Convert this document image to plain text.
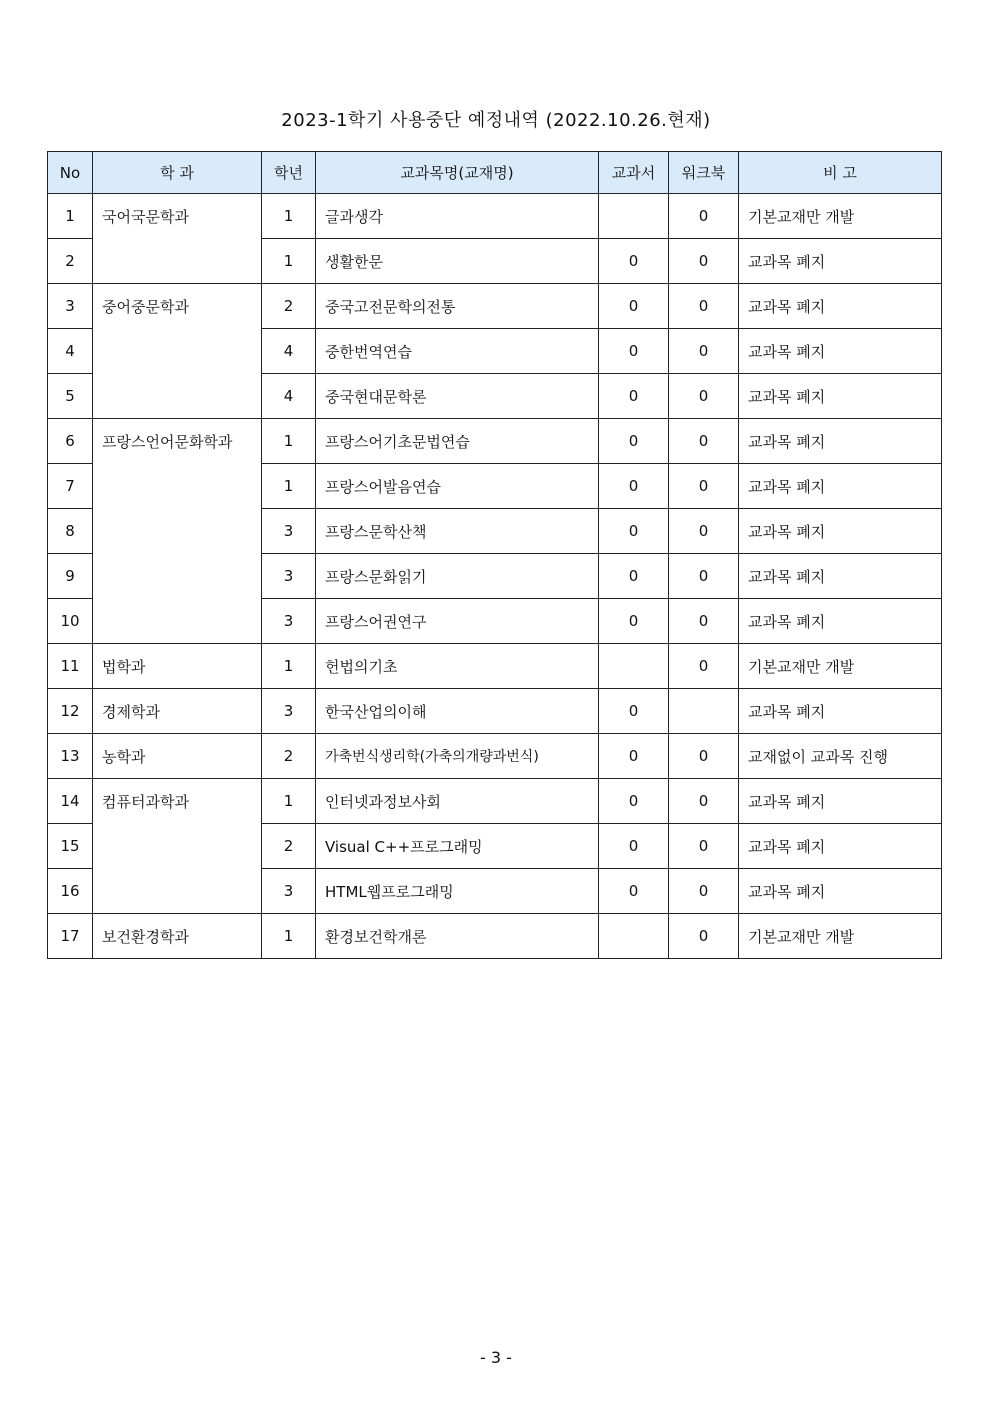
2023-1학기 사용중단 예정내역 (2022.10.26.현재)
No	학 과	학년	교과목명(교재명)	교과서	워크북	비 고
1	국어국문학과	1	글과생각		0	기본교재만 개발
2		1	생활한문	0	0	교과목 폐지
3	중어중문학과	2	중국고전문학의전통	0	0	교과목 폐지
4		4	중한번역연습	0	0	교과목 폐지
5		4	중국현대문학론	0	0	교과목 폐지
6	프랑스언어문화학과	1	프랑스어기초문법연습	0	0	교과목 폐지
7		1	프랑스어발음연습	0	0	교과목 폐지
8		3	프랑스문학산책	0	0	교과목 폐지
9		3	프랑스문화읽기	0	0	교과목 폐지
10		3	프랑스어권연구	0	0	교과목 폐지
11	법학과	1	헌법의기초		0	기본교재만 개발
12	경제학과	3	한국산업의이해	0		교과목 폐지
13	농학과	2	가축번식생리학(가축의개량과번식)	0	0	교재없이 교과목 진행
14	컴퓨터과학과	1	인터넷과정보사회	0	0	교과목 폐지
15		2	Visual C++프로그래밍	0	0	교과목 폐지
16		3	HTML웹프로그래밍	0	0	교과목 폐지
17	보건환경학과	1	환경보건학개론		0	기본교재만 개발
- 3 -
